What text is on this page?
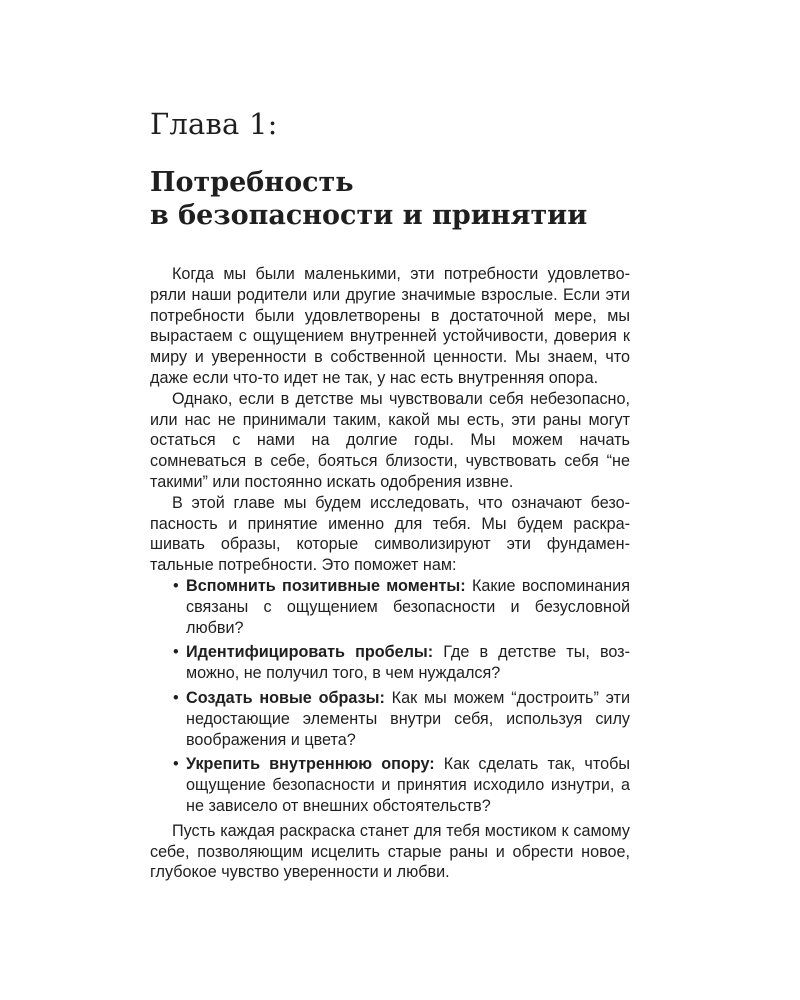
Глава 1:
Потребность
в безопасности и принятии

Когда мы были маленькими, эти потребности удовлетворяли наши родители или другие значимые взрослые. Если эти потребности были удовлетворены в достаточной мере, мы вырастаем с ощущением внутренней устойчивости, доверия к миру и уверенности в собственной ценности. Мы знаем, что даже если что-то идет не так, у нас есть внутренняя опора.

Однако, если в детстве мы чувствовали себя небезопасно, или нас не принимали таким, какой мы есть, эти раны могут остаться с нами на долгие годы. Мы можем начать сомневаться в себе, бояться близости, чувствовать себя “не такими” или постоянно искать одобрения извне.

В этой главе мы будем исследовать, что означают безопасность и принятие именно для тебя. Мы будем раскрашивать образы, которые символизируют эти фундаментальные потребности. Это поможет нам:

• Вспомнить позитивные моменты: Какие воспоминания связаны с ощущением безопасности и безусловной любви?
• Идентифицировать пробелы: Где в детстве ты, возможно, не получил того, в чем нуждался?
• Создать новые образы: Как мы можем “достроить” эти недостающие элементы внутри себя, используя силу воображения и цвета?
• Укрепить внутреннюю опору: Как сделать так, чтобы ощущение безопасности и принятия исходило изнутри, а не зависело от внешних обстоятельств?

Пусть каждая раскраска станет для тебя мостиком к самому себе, позволяющим исцелить старые раны и обрести новое, глубокое чувство уверенности и любви.
